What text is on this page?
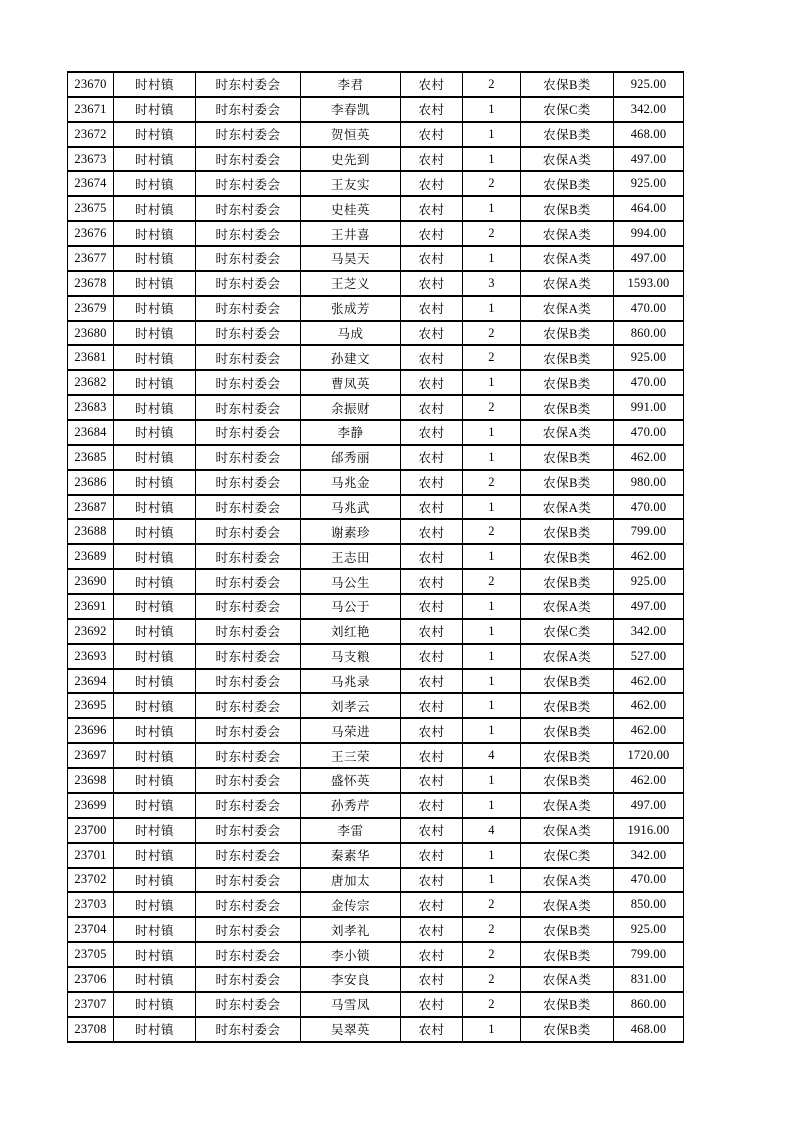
23670	时村镇	时东村委会	李君	农村	2	农保B类	925.00
23671	时村镇	时东村委会	李春凯	农村	1	农保C类	342.00
23672	时村镇	时东村委会	贺恒英	农村	1	农保B类	468.00
23673	时村镇	时东村委会	史先到	农村	1	农保A类	497.00
23674	时村镇	时东村委会	王友实	农村	2	农保B类	925.00
23675	时村镇	时东村委会	史桂英	农村	1	农保B类	464.00
23676	时村镇	时东村委会	王井喜	农村	2	农保A类	994.00
23677	时村镇	时东村委会	马昊天	农村	1	农保A类	497.00
23678	时村镇	时东村委会	王芝义	农村	3	农保A类	1593.00
23679	时村镇	时东村委会	张成芳	农村	1	农保A类	470.00
23680	时村镇	时东村委会	马成	农村	2	农保B类	860.00
23681	时村镇	时东村委会	孙建文	农村	2	农保B类	925.00
23682	时村镇	时东村委会	曹凤英	农村	1	农保B类	470.00
23683	时村镇	时东村委会	余振财	农村	2	农保B类	991.00
23684	时村镇	时东村委会	李静	农村	1	农保A类	470.00
23685	时村镇	时东村委会	邰秀丽	农村	1	农保B类	462.00
23686	时村镇	时东村委会	马兆金	农村	2	农保B类	980.00
23687	时村镇	时东村委会	马兆武	农村	1	农保A类	470.00
23688	时村镇	时东村委会	谢素珍	农村	2	农保B类	799.00
23689	时村镇	时东村委会	王志田	农村	1	农保B类	462.00
23690	时村镇	时东村委会	马公生	农村	2	农保B类	925.00
23691	时村镇	时东村委会	马公于	农村	1	农保A类	497.00
23692	时村镇	时东村委会	刘红艳	农村	1	农保C类	342.00
23693	时村镇	时东村委会	马支粮	农村	1	农保A类	527.00
23694	时村镇	时东村委会	马兆录	农村	1	农保B类	462.00
23695	时村镇	时东村委会	刘孝云	农村	1	农保B类	462.00
23696	时村镇	时东村委会	马荣进	农村	1	农保B类	462.00
23697	时村镇	时东村委会	王三荣	农村	4	农保B类	1720.00
23698	时村镇	时东村委会	盛怀英	农村	1	农保B类	462.00
23699	时村镇	时东村委会	孙秀芹	农村	1	农保A类	497.00
23700	时村镇	时东村委会	李雷	农村	4	农保A类	1916.00
23701	时村镇	时东村委会	秦素华	农村	1	农保C类	342.00
23702	时村镇	时东村委会	唐加太	农村	1	农保A类	470.00
23703	时村镇	时东村委会	金传宗	农村	2	农保A类	850.00
23704	时村镇	时东村委会	刘孝礼	农村	2	农保B类	925.00
23705	时村镇	时东村委会	李小锁	农村	2	农保B类	799.00
23706	时村镇	时东村委会	李安良	农村	2	农保A类	831.00
23707	时村镇	时东村委会	马雪凤	农村	2	农保B类	860.00
23708	时村镇	时东村委会	吴翠英	农村	1	农保B类	468.00
